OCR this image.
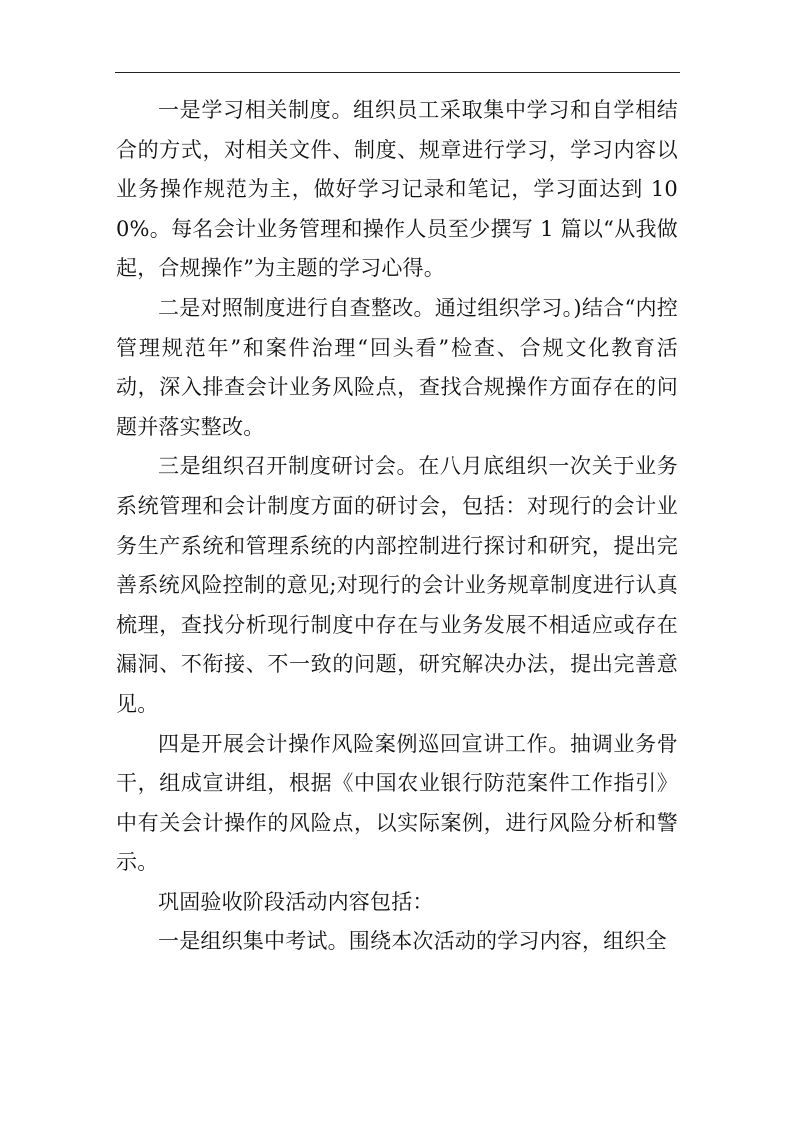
一是学习相关制度。组织员工采取集中学习和自学相结合的方式，对相关文件、制度、规章进行学习，学习内容以业务操作规范为主，做好学习记录和笔记，学习面达到 100%。每名会计业务管理和操作人员至少撰写 1 篇以“从我做起，合规操作”为主题的学习心得。

二是对照制度进行自查整改。通过组织学习。)结合“内控管理规范年”和案件治理“回头看”检查、合规文化教育活动，深入排查会计业务风险点，查找合规操作方面存在的问题并落实整改。

三是组织召开制度研讨会。在八月底组织一次关于业务系统管理和会计制度方面的研讨会，包括：对现行的会计业务生产系统和管理系统的内部控制进行探讨和研究，提出完善系统风险控制的意见;对现行的会计业务规章制度进行认真梳理，查找分析现行制度中存在与业务发展不相适应或存在漏洞、不衔接、不一致的问题，研究解决办法，提出完善意见。

四是开展会计操作风险案例巡回宣讲工作。抽调业务骨干，组成宣讲组，根据《中国农业银行防范案件工作指引》中有关会计操作的风险点，以实际案例，进行风险分析和警示。

巩固验收阶段活动内容包括：

一是组织集中考试。围绕本次活动的学习内容，组织全
